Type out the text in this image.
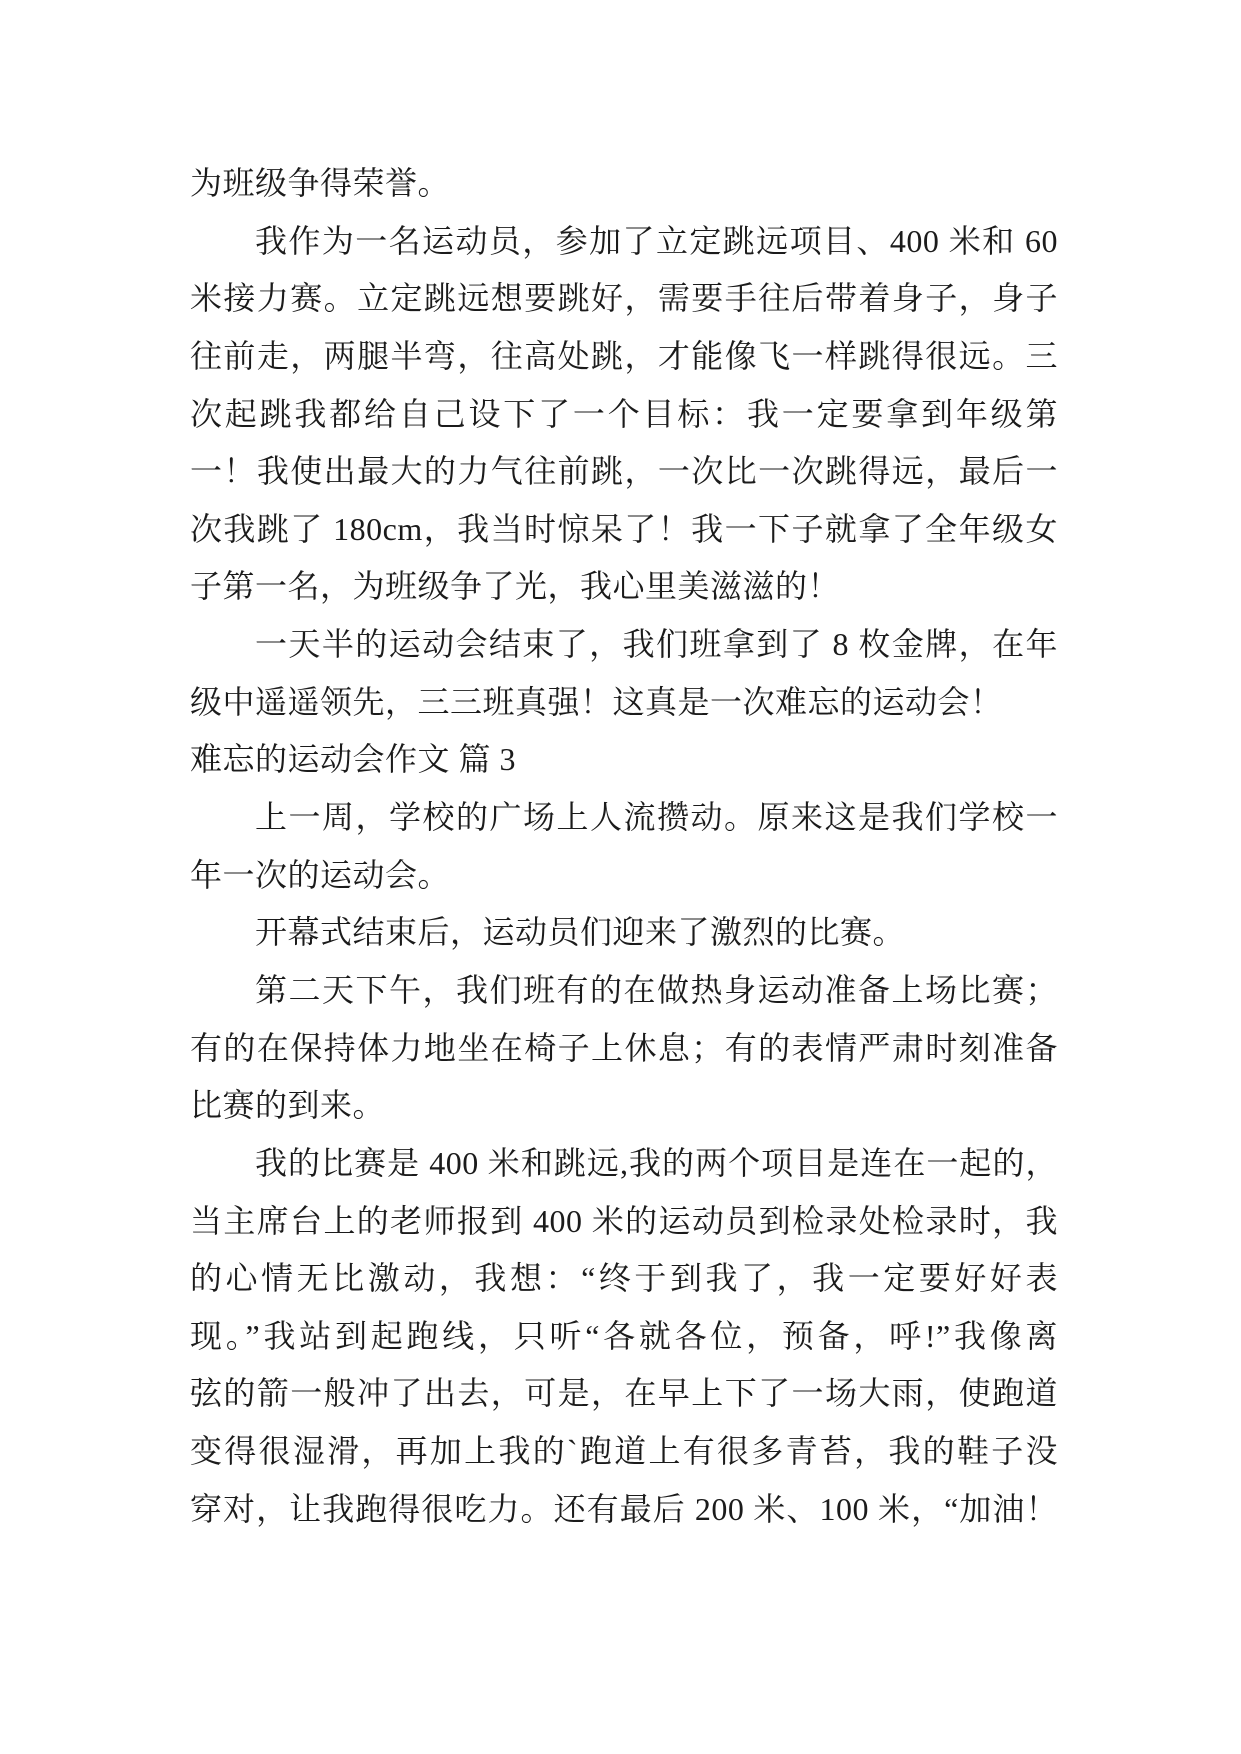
为班级争得荣誉。
我作为一名运动员，参加了立定跳远项目、400 米和 60
米接力赛。立定跳远想要跳好，需要手往后带着身子，身子
往前走，两腿半弯，往高处跳，才能像飞一样跳得很远。三
次起跳我都给自己设下了一个目标：我一定要拿到年级第
一！我使出最大的力气往前跳，一次比一次跳得远，最后一
次我跳了 180cm，我当时惊呆了！我一下子就拿了全年级女
子第一名，为班级争了光，我心里美滋滋的！
一天半的运动会结束了，我们班拿到了 8 枚金牌，在年
级中遥遥领先，三三班真强！这真是一次难忘的运动会！
难忘的运动会作文 篇 3
上一周，学校的广场上人流攒动。原来这是我们学校一
年一次的运动会。
开幕式结束后，运动员们迎来了激烈的比赛。
第二天下午，我们班有的在做热身运动准备上场比赛；
有的在保持体力地坐在椅子上休息；有的表情严肃时刻准备
比赛的到来。
我的比赛是 400 米和跳远,我的两个项目是连在一起的，
当主席台上的老师报到 400 米的运动员到检录处检录时，我
的心情无比激动，我想：“终于到我了，我一定要好好表
现。”我站到起跑线，只听“各就各位，预备，呼!”我像离
弦的箭一般冲了出去，可是，在早上下了一场大雨，使跑道
变得很湿滑，再加上我的`跑道上有很多青苔，我的鞋子没
穿对，让我跑得很吃力。还有最后 200 米、100 米，“加油！
